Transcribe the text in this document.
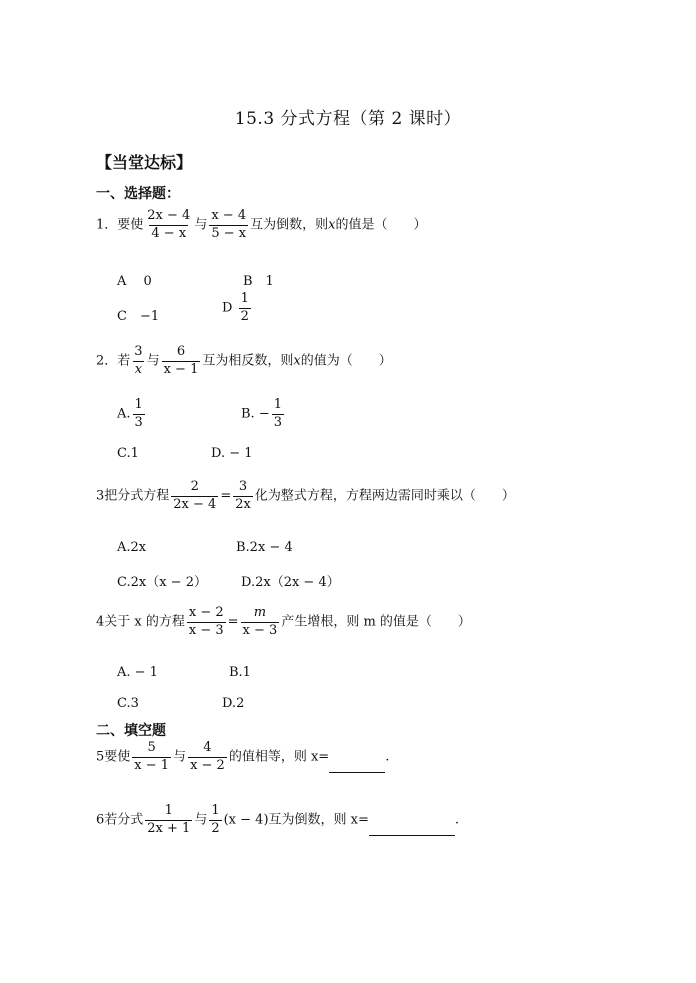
15.3 分式方程（第 2 课时）
【当堂达标】
一、选择题：
1．要使 $\frac{2x - 4}{4 - x}$ 与 $\frac{x - 4}{5 - x}$ 互为倒数，则x的值是（　　）
A　 0	B　1
C　−1
D $\frac{1}{2}$
2．若 $\frac{3}{x}$ 与 $\frac{6}{x - 1}$ 互为相反数，则x的值为（　　）
A. $\frac{1}{3}$	B. − $\frac{1}{3}$
C.1	D. − 1
3把分式方程 $\frac{2}{2x - 4} = \frac{3}{2x}$ 化为整式方程，方程两边需同时乘以（　　）
A.2x	B.2x − 4
C.2x（x − 2）	D.2x（2x − 4）
4关于 x 的方程 $\frac{x - 2}{x - 3} = \frac{m}{x - 3}$ 产生增根，则 m 的值是（　　）
A. − 1	B.1
C.3	D.2
二、填空题
5要使 $\frac{5}{x - 1}$ 与 $\frac{4}{x - 2}$ 的值相等，则 x=	.
6若分式 $\frac{1}{2x + 1}$ 与 $\frac{1}{2} (x - 4)$互为倒数，则 x=	.
